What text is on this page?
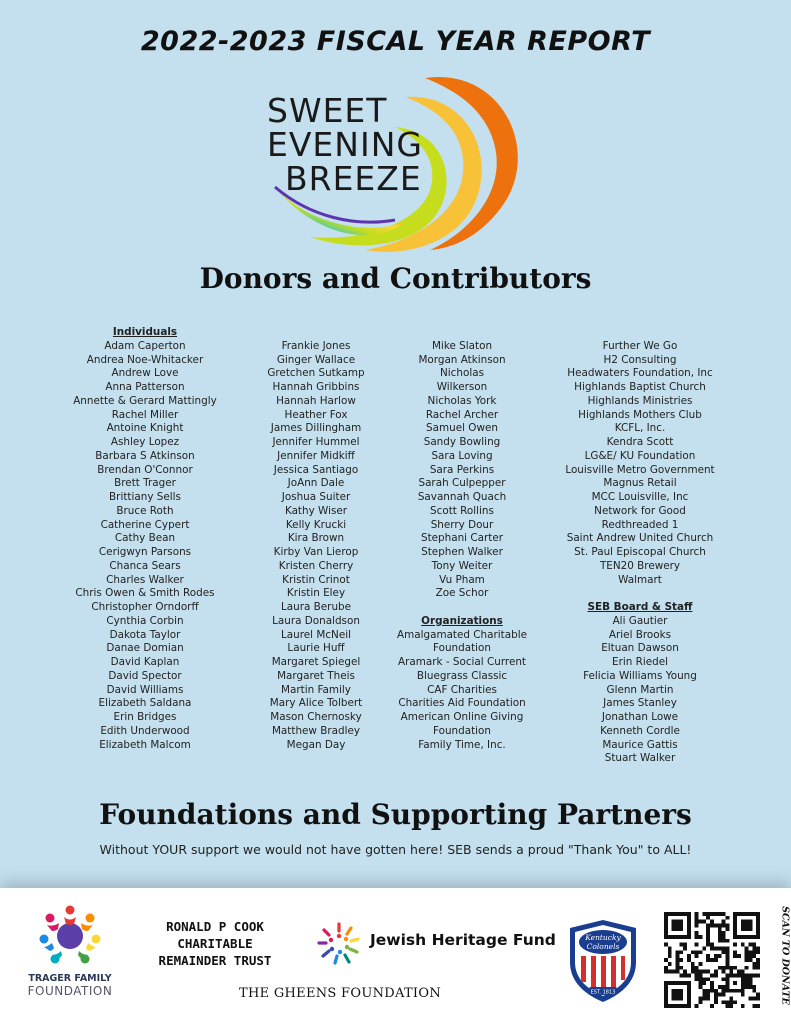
2022-2023 FISCAL YEAR REPORT
SWEET
EVENING
BREEZE
Donors and Contributors
Individuals
Adam Caperton
Andrea Noe-Whitacker
Andrew Love
Anna Patterson
Annette & Gerard Mattingly
Rachel Miller
Antoine Knight
Ashley Lopez
Barbara S Atkinson
Brendan O'Connor
Brett Trager
Brittiany Sells
Bruce Roth
Catherine Cypert
Cathy Bean
Cerigwyn Parsons
Chanca Sears
Charles Walker
Chris Owen & Smith Rodes
Christopher Orndorff
Cynthia Corbin
Dakota Taylor
Danae Domian
David Kaplan
David Spector
David Williams
Elizabeth Saldana
Erin Bridges
Edith Underwood
Elizabeth Malcom
Frankie Jones
Ginger Wallace
Gretchen Sutkamp
Hannah Gribbins
Hannah Harlow
Heather Fox
James Dillingham
Jennifer Hummel
Jennifer Midkiff
Jessica Santiago
JoAnn Dale
Joshua Suiter
Kathy Wiser
Kelly Krucki
Kira Brown
Kirby Van Lierop
Kristen Cherry
Kristin Crinot
Kristin Eley
Laura Berube
Laura Donaldson
Laurel McNeil
Laurie Huff
Margaret Spiegel
Margaret Theis
Martin Family
Mary Alice Tolbert
Mason Chernosky
Matthew Bradley
Megan Day
Mike Slaton
Morgan Atkinson
Nicholas
Wilkerson
Nicholas York
Rachel Archer
Samuel Owen
Sandy Bowling
Sara Loving
Sara Perkins
Sarah Culpepper
Savannah Quach
Scott Rollins
Sherry Dour
Stephani Carter
Stephen Walker
Tony Weiter
Vu Pham
Zoe Schor
Organizations
Amalgamated Charitable
Foundation
Aramark - Social Current
Bluegrass Classic
CAF Charities
Charities Aid Foundation
American Online Giving
Foundation
Family Time, Inc.
Further We Go
H2 Consulting
Headwaters Foundation, Inc
Highlands Baptist Church
Highlands Ministries
Highlands Mothers Club
KCFL, Inc.
Kendra Scott
LG&E/ KU Foundation
Louisville Metro Government
Magnus Retail
MCC Louisville, Inc
Network for Good
Redthreaded 1
Saint Andrew United Church
St. Paul Episcopal Church
TEN20 Brewery
Walmart
SEB Board & Staff
Ali Gautier
Ariel Brooks
Eltuan Dawson
Erin Riedel
Felicia Williams Young
Glenn Martin
James Stanley
Jonathan Lowe
Kenneth Cordle
Maurice Gattis
Stuart Walker
Foundations and Supporting Partners
Without YOUR support we would not have gotten here! SEB sends a proud "Thank You" to ALL!
TRAGER FAMILY
FOUNDATION
RONALD P COOK CHARITABLE
REMAINDER TRUST
Jewish Heritage Fund
THE GHEENS FOUNDATION
Kentucky
Colonels
EST. 1813	SCAN TO DONATE
